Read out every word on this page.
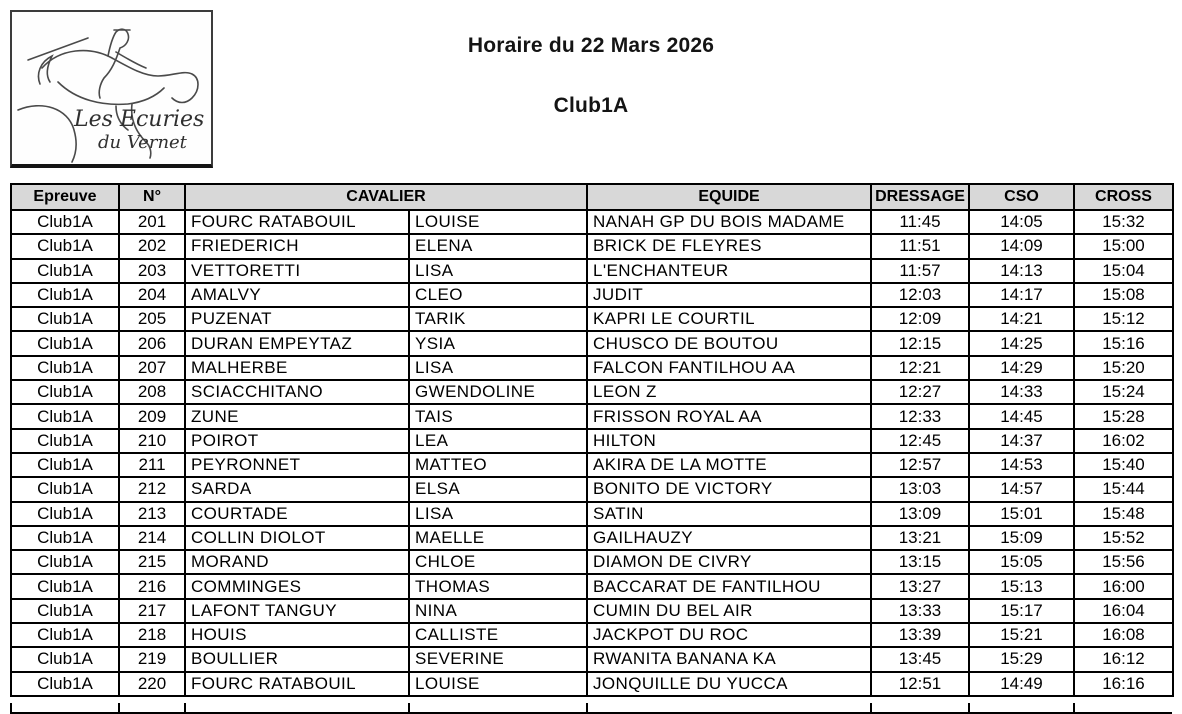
Les Ecuries
du Vernet
Horaire du 22 Mars 2026
Club1A
Epreuve	N°	CAVALIER		EQUIDE	DRESSAGE	CSO	CROSS
Club1A	201	FOURC RATABOUIL	LOUISE	NANAH GP DU BOIS MADAME	11:45	14:05	15:32
Club1A	202	FRIEDERICH	ELENA	BRICK DE FLEYRES	11:51	14:09	15:00
Club1A	203	VETTORETTI	LISA	L'ENCHANTEUR	11:57	14:13	15:04
Club1A	204	AMALVY	CLEO	JUDIT	12:03	14:17	15:08
Club1A	205	PUZENAT	TARIK	KAPRI LE COURTIL	12:09	14:21	15:12
Club1A	206	DURAN EMPEYTAZ	YSIA	CHUSCO DE BOUTOU	12:15	14:25	15:16
Club1A	207	MALHERBE	LISA	FALCON FANTILHOU AA	12:21	14:29	15:20
Club1A	208	SCIACCHITANO	GWENDOLINE	LEON Z	12:27	14:33	15:24
Club1A	209	ZUNE	TAIS	FRISSON ROYAL AA	12:33	14:45	15:28
Club1A	210	POIROT	LEA	HILTON	12:45	14:37	16:02
Club1A	211	PEYRONNET	MATTEO	AKIRA DE LA MOTTE	12:57	14:53	15:40
Club1A	212	SARDA	ELSA	BONITO DE VICTORY	13:03	14:57	15:44
Club1A	213	COURTADE	LISA	SATIN	13:09	15:01	15:48
Club1A	214	COLLIN DIOLOT	MAELLE	GAILHAUZY	13:21	15:09	15:52
Club1A	215	MORAND	CHLOE	DIAMON DE CIVRY	13:15	15:05	15:56
Club1A	216	COMMINGES	THOMAS	BACCARAT DE FANTILHOU	13:27	15:13	16:00
Club1A	217	LAFONT TANGUY	NINA	CUMIN DU BEL AIR	13:33	15:17	16:04
Club1A	218	HOUIS	CALLISTE	JACKPOT DU ROC	13:39	15:21	16:08
Club1A	219	BOULLIER	SEVERINE	RWANITA BANANA KA	13:45	15:29	16:12
Club1A	220	FOURC RATABOUIL	LOUISE	JONQUILLE DU YUCCA	12:51	14:49	16:16
